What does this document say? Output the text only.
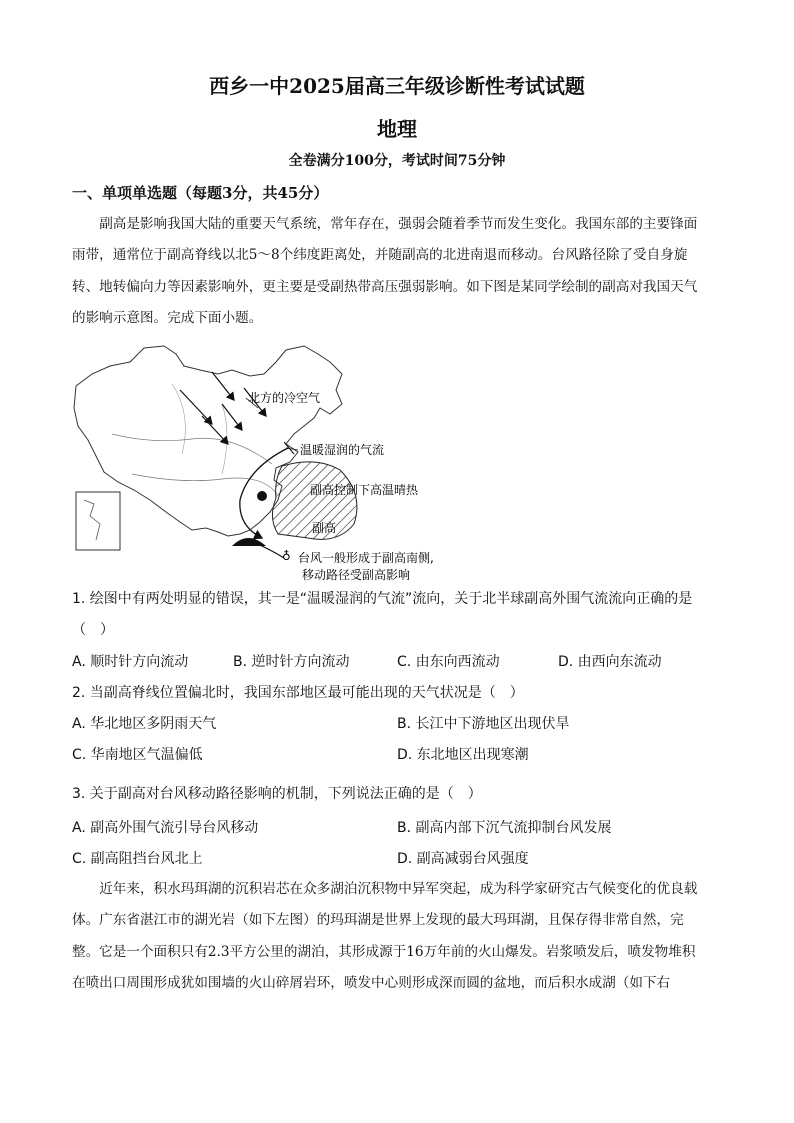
西乡一中2025届高三年级诊断性考试试题
地理
全卷满分100分，考试时间75分钟
一、单项单选题（每题3分，共45分）

副高是影响我国大陆的重要天气系统，常年存在，强弱会随着季节而发生变化。我国东部的主要锋面

雨带，通常位于副高脊线以北5～8个纬度距离处，并随副高的北进南退而移动。台风路径除了受自身旋

转、地转偏向力等因素影响外，更主要是受副热带高压强弱影响。如下图是某同学绘制的副高对我国天气

的影响示意图。完成下面小题。

♁
北方的冷空气
温暖湿润的气流
副高控制下高温晴热
副高
台风一般形成于副高南侧,
移动路径受副高影响
1. 绘图中有两处明显的错误，其一是“温暖湿润的气流”流向，关于北半球副高外围气流流向正确的是
（　）
A. 顺时针方向流动	B. 逆时针方向流动	C. 由东向西流动	D. 由西向东流动
2. 当副高脊线位置偏北时，我国东部地区最可能出现的天气状况是（　）
A. 华北地区多阴雨天气	B. 长江中下游地区出现伏旱
C. 华南地区气温偏低	D. 东北地区出现寒潮
3. 关于副高对台风移动路径影响的机制，下列说法正确的是（　）
A. 副高外围气流引导台风移动	B. 副高内部下沉气流抑制台风发展
C. 副高阻挡台风北上	D. 副高减弱台风强度

近年来，积水玛珥湖的沉积岩芯在众多湖泊沉积物中异军突起，成为科学家研究古气候变化的优良载

体。广东省湛江市的湖光岩（如下左图）的玛珥湖是世界上发现的最大玛珥湖，且保存得非常自然，完

整。它是一个面积只有2.3平方公里的湖泊，其形成源于16万年前的火山爆发。岩浆喷发后，喷发物堆积

在喷出口周围形成犹如围墙的火山碎屑岩环，喷发中心则形成深而圆的盆地，而后积水成湖（如下右
